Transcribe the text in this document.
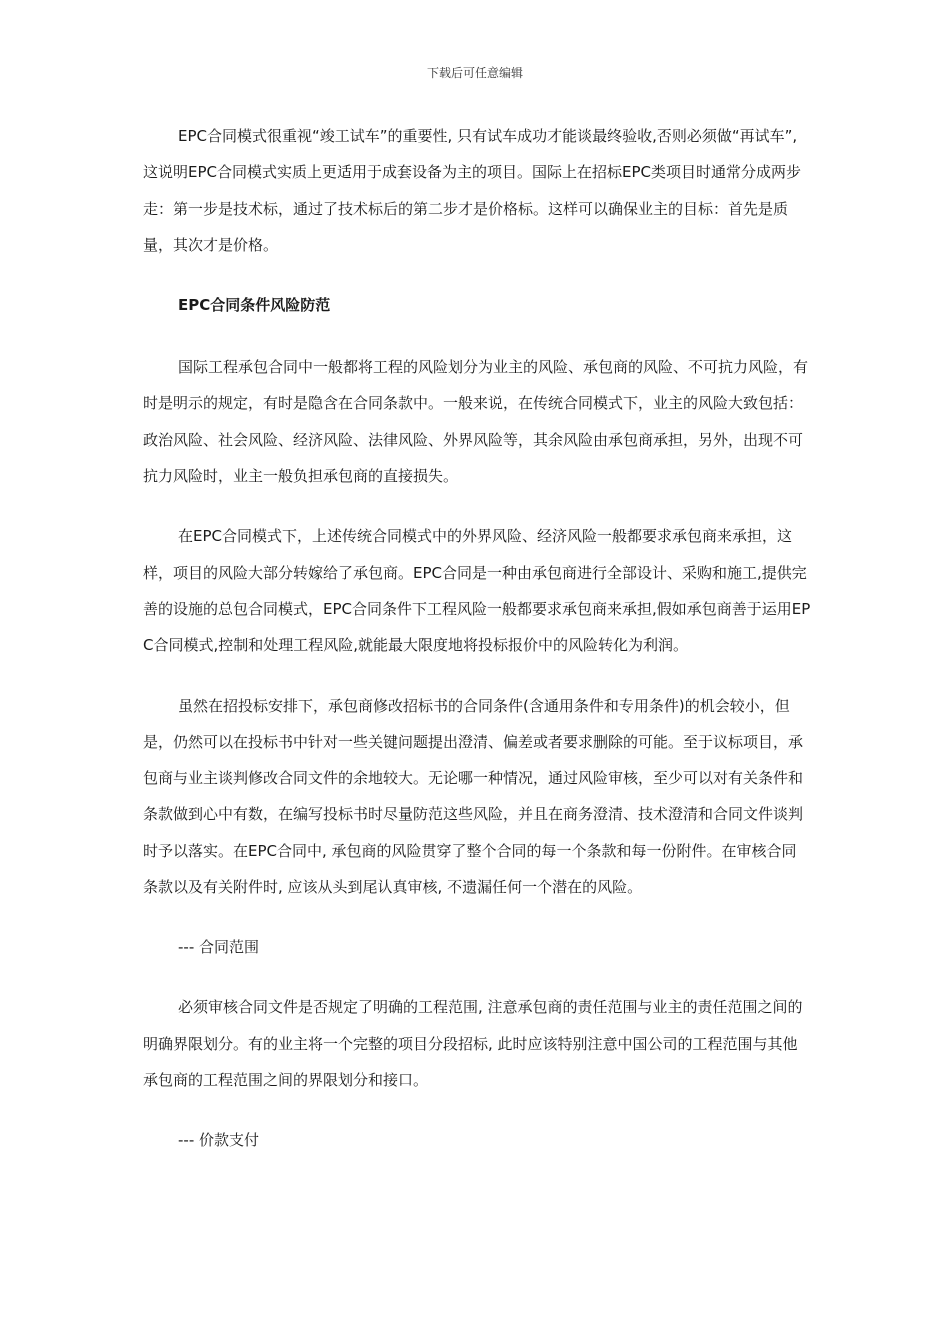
下载后可任意编辑

EPC合同模式很重视“竣工试车”的重要性, 只有试车成功才能谈最终验收,否则必须做“再试车”, 这说明EPC合同模式实质上更适用于成套设备为主的项目。国际上在招标EPC类项目时通常分成两步走：第一步是技术标，通过了技术标后的第二步才是价格标。这样可以确保业主的目标：首先是质量，其次才是价格。

EPC合同条件风险防范

国际工程承包合同中一般都将工程的风险划分为业主的风险、承包商的风险、不可抗力风险，有时是明示的规定，有时是隐含在合同条款中。一般来说，在传统合同模式下，业主的风险大致包括：政治风险、社会风险、经济风险、法律风险、外界风险等，其余风险由承包商承担，另外，出现不可抗力风险时，业主一般负担承包商的直接损失。

在EPC合同模式下，上述传统合同模式中的外界风险、经济风险一般都要求承包商来承担，这样，项目的风险大部分转嫁给了承包商。EPC合同是一种由承包商进行全部设计、采购和施工,提供完善的设施的总包合同模式，EPC合同条件下工程风险一般都要求承包商来承担,假如承包商善于运用EPC合同模式,控制和处理工程风险,就能最大限度地将投标报价中的风险转化为利润。

虽然在招投标安排下，承包商修改招标书的合同条件(含通用条件和专用条件)的机会较小，但是，仍然可以在投标书中针对一些关键问题提出澄清、偏差或者要求删除的可能。至于议标项目，承包商与业主谈判修改合同文件的余地较大。无论哪一种情况，通过风险审核，至少可以对有关条件和条款做到心中有数，在编写投标书时尽量防范这些风险，并且在商务澄清、技术澄清和合同文件谈判时予以落实。在EPC合同中, 承包商的风险贯穿了整个合同的每一个条款和每一份附件。在审核合同条款以及有关附件时, 应该从头到尾认真审核, 不遗漏任何一个潜在的风险。

--- 合同范围

必须审核合同文件是否规定了明确的工程范围, 注意承包商的责任范围与业主的责任范围之间的明确界限划分。有的业主将一个完整的项目分段招标, 此时应该特别注意中国公司的工程范围与其他承包商的工程范围之间的界限划分和接口。

--- 价款支付
